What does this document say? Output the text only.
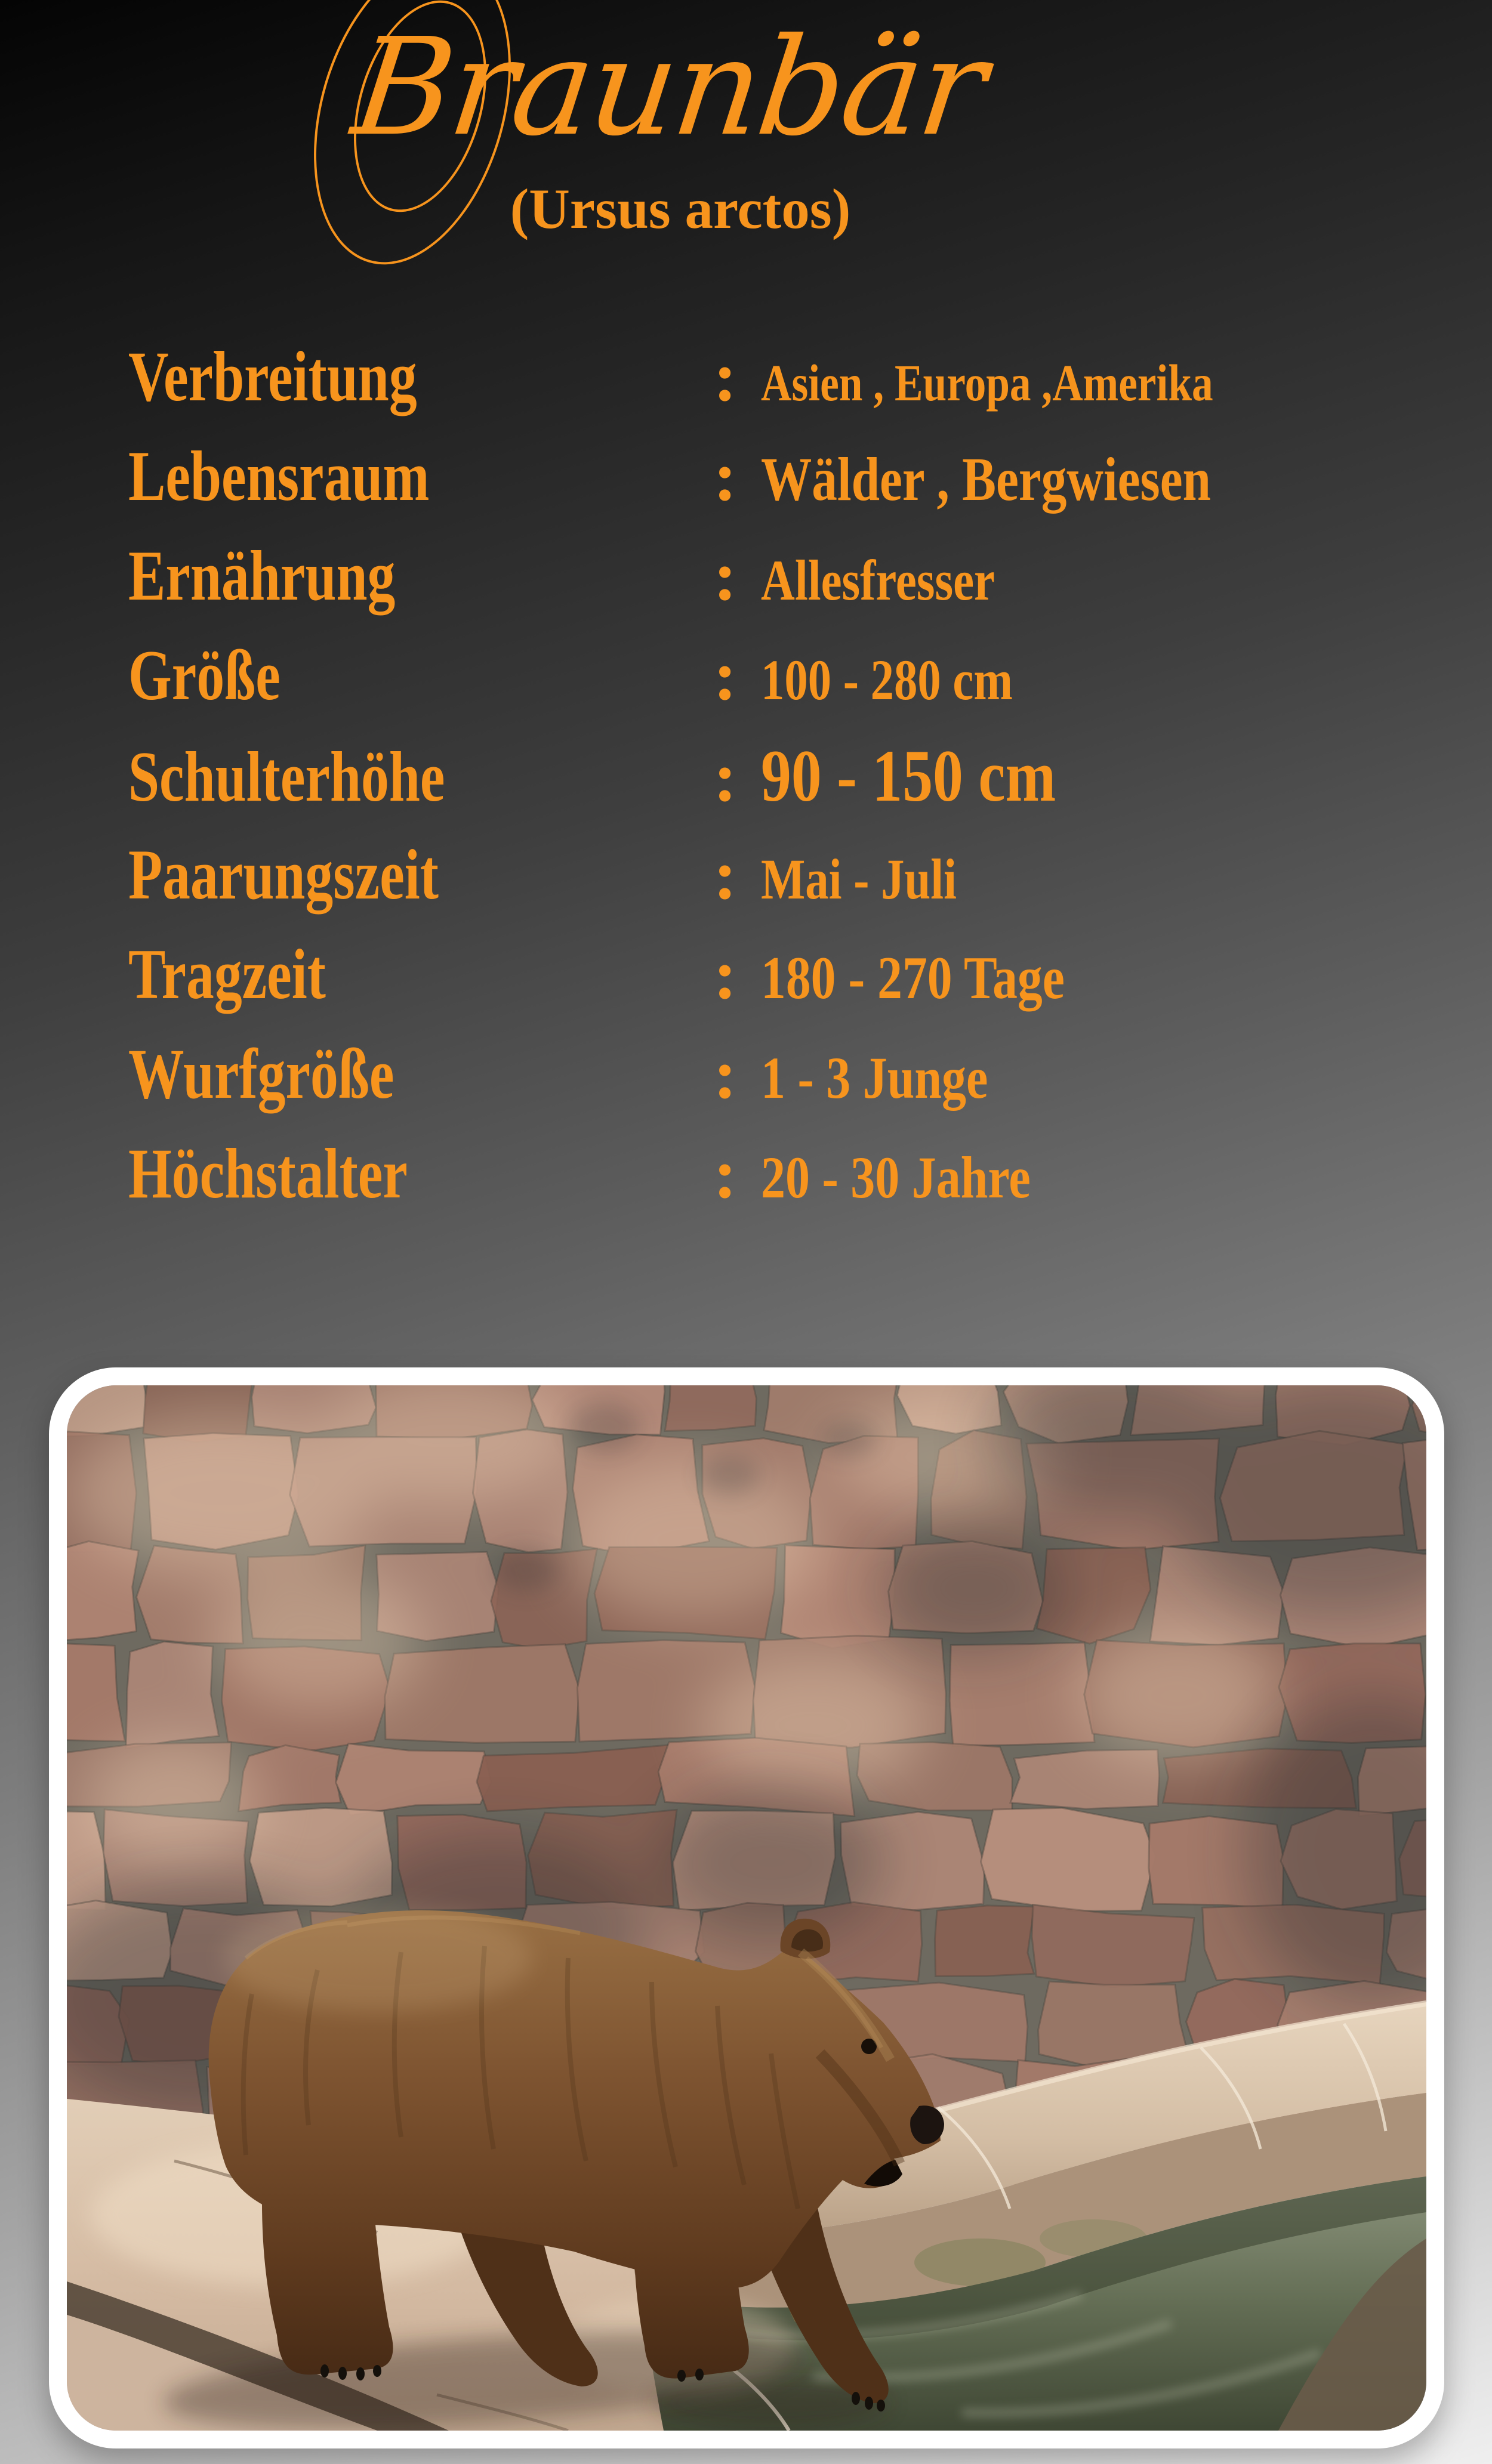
Braunbär
(Ursus arctos)
Verbreitung	: Asien , Europa ,Amerika
Lebensraum	: Wälder , Bergwiesen
Ernährung	: Allesfresser
Größe	: 100 - 280 cm
Schulterhöhe	: 90 - 150 cm
Paarungszeit	: Mai - Juli
Tragzeit	: 180 - 270 Tage
Wurfgröße	: 1 - 3 Junge
Höchstalter	: 20 - 30 Jahre
